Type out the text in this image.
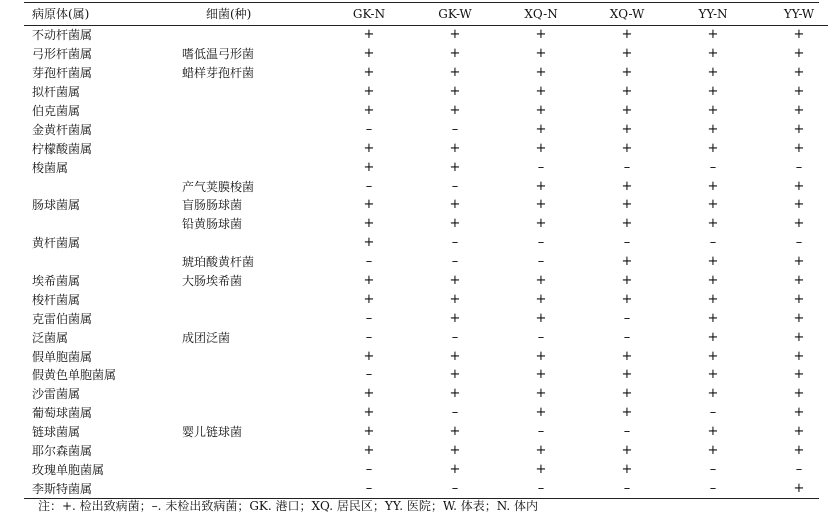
病原体(属)	细菌(种)	GK-N	GK-W	XQ-N	XQ-W	YY-N	YY-W
不动杆菌属		+	+	+	+	+	+
弓形杆菌属	嗜低温弓形菌	+	+	+	+	+	+
芽孢杆菌属	蜡样芽孢杆菌	+	+	+	+	+	+
拟杆菌属		+	+	+	+	+	+
伯克菌属		+	+	+	+	+	+
金黄杆菌属		–	–	+	+	+	+
柠檬酸菌属		+	+	+	+	+	+
梭菌属		+	+	–	–	–	–
	产气荚膜梭菌	–	–	+	+	+	+
肠球菌属	盲肠肠球菌	+	+	+	+	+	+
	铅黄肠球菌	+	+	+	+	+	+
黄杆菌属		+	–	–	–	–	–
	琥珀酸黄杆菌	–	–	–	+	+	+
埃希菌属	大肠埃希菌	+	+	+	+	+	+
梭杆菌属		+	+	+	+	+	+
克雷伯菌属		–	+	+	–	+	+
泛菌属	成团泛菌	–	–	–	–	+	+
假单胞菌属		+	+	+	+	+	+
假黄色单胞菌属		–	+	+	+	+	+
沙雷菌属		+	+	+	+	+	+
葡萄球菌属		+	–	+	+	–	+
链球菌属	婴儿链球菌	+	+	–	–	+	+
耶尔森菌属		+	+	+	+	+	+
玫瑰单胞菌属		–	+	+	+	–	–
李斯特菌属		–	–	–	–	–	+
注：+. 检出致病菌；–. 未检出致病菌；GK. 港口；XQ. 居民区；YY. 医院；W. 体表；N. 体内
